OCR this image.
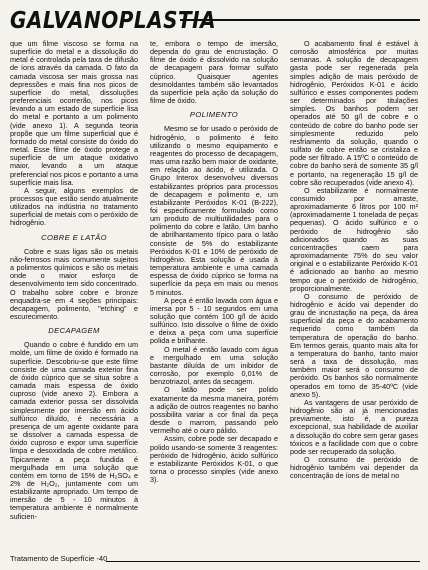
GALVANOPLASTIA

que um filme viscoso se forma na superfície do metal e a dissolução do metal é controlada pela taxa de difusão de íons através da camada. O fato da camada viscosa ser mais grossa nas depressões e mais fina nos picos de superfície do metal, dissoluções preferenciais ocorrerão, nos picos levando a um estado de superfície lisa do metal e portanto a um polimento (vide anexo 1). A segunda teoria propõe que um filme superficial que é formado do metal consiste do óxido do metal. Esse filme de óxido protege a superfície de um ataque oxidativo maior, levando a um ataque preferencial nos picos e portanto a uma superfície mais lisa.

A seguir, alguns exemplos de processos que estão sendo atualmente utilizados na indústria no tratamento superficial de metais com o peróxido de hidrogênio.

COBRE E LATÃO

Cobre e suas ligas são os metais não-ferrosos mais comumente sujeitos a polimentos químicos e são os metais onde o maior esforço de desenvolvimento tem sido concentrado. O trabalho sobre cobre e bronze enquadra-se em 4 seções principais: decapagem, polimento, "etching" e escurecimento.

DECAPAGEM

Quando o cobre é fundido em um molde, um filme de óxido é formado na superfície. Descobriu-se que este filme consiste de uma camada exterior fina de óxido cúprico que se situa sobre a camada mais espessa de óxido cuproso (vide anexo 2). Embora a camada exterior possa ser dissolvida simplesmente por imersão em ácido sulfúrico diluído, é necessária a presença de um agente oxidante para se dissolver a camada espessa de óxido cuproso e expor uma superfície limpa e desoxidada de cobre metálico. Tipicamente a peça fundida é mergulhada em uma solução que contém em torno de 15% de H₂SO₄ e 2% de H₂O₂, juntamente com um estabilizante apropriado. Um tempo de imersão de 5 - 10 minutos à temperatura ambiente é normalmente suficien-

te, embora o tempo de imersão, dependa do grau de encrustação. O filme de óxido é dissolvido na solução de decapagem para formar sulfato cúprico. Quaisquer agentes desmoldantes também são levantados da superfície pela ação da solução do filme de óxido.

POLIMENTO

Mesmo se for usado o peróxido de hidrogênio, o polimento é feito utilizando o mesmo equipamento e reagentes do processo de decapagem, mas uma razão bem maior de oxidante, em relação ao ácido, é utilizada. O Grupo Interox desenvolveu diversos estabilizantes próprios para processos de decapagem e polimento e, um estabilizante Peróxidos K-01 (B-222), foi especificamente formulado como um produto de multiutilidades para o polimento do cobre e latão. Um banho de abrilhantamento típico para o latão consiste de 5% do estabilizante Peróxidos K-01 e 10% de peróxido de hidrogênio. Esta solução é usada à temperatura ambiente e uma camada espessa de óxido cúprico se forma na superfície da peça em mais ou menos 5 minutos.

A peça é então lavada com água e imersa por 5 - 10 segundos em uma solução que contém 100 g/l de ácido sulfúrico. Isto dissolve o filme de óxido e deixa a peça com uma superfície polida e brilhante.

O metal é então lavado com água e mergulhado em uma solução bastante diluída de um inibidor de corrosão, por exemplo 0,01% de benzotriazol, antes da secagem.

O latão pode ser polido exatamente da mesma maneira, porém a adição de outros reagentes no banho possibilita variar a cor final da peça desde o marrom, passando pelo vermelho até o ouro pálido.

Assim, cobre pode ser decapado e polido usando-se somente 3 reagentes: peróxido de hidrogênio, ácido sulfúrico e estabilizante Peróxidos K-01, o que torna o processo simples (vide anexo 3).

O acabamento final é estável à corrosão atmosférica por muitas semanas. A solução de decapagem gasta pode ser regenerada pela simples adição de mais peróxido de hidrogênio, Peróxidos K-01 e ácido sulfúrico e esses componentes podem ser determinados por titulações simples. Os banhos podem ser operados até 50 g/l de cobre e o conteúdo de cobre do banho pode ser simplesmente reduzido pelo resfriamento da solução, quando o sulfato de cobre então se cristaliza e pode ser filtrado. A 15ºC o conteúdo de cobre do banho será de somente 35 g/l e portanto, na regeneração 15 g/l de cobre são recuperados (vide anexo 4).

O estabilizante é normalmente consumido por arraste, aproximadamente 6 litros por 100 m² (aproximadamente 1 tonelada de peças pequenas). O ácido sulfúrico e o peróxido de hidrogênio são adicionados quando as suas concentrações caem para aproximadamente 75% do seu valor original e o estabilizante Peróxido K-01 é adicionado ao banho ao mesmo tempo que o peróxido de hidrogênio, proporcionalmente.

O consumo de peróxido de hidrogênio e ácido vai depender do grau de incrustação na peça, da área superficial da peça e do acabamento requerido como também da temperatura de operação do banho. Em termos gerais, quanto mais alta for a temperatura do banho, tanto maior será a taxa de dissolução, mas também maior será o consumo de peróxido. Os banhos são normalmente operados em torno de 35-40ºC (vide anexo 5).

As vantagens de usar peróxido de hidrogênio são aí já mencionadas previamente, isto é, a pureza excepcional, sua habilidade de auxiliar a dissolução do cobre sem gerar gases tóxicos e a facilidade com que o cobre pode ser recuperado da solução.

O consumo de peróxido de hidrogênio também vai depender da concentração de íons de metal no

Tratamento de Superfície -40
